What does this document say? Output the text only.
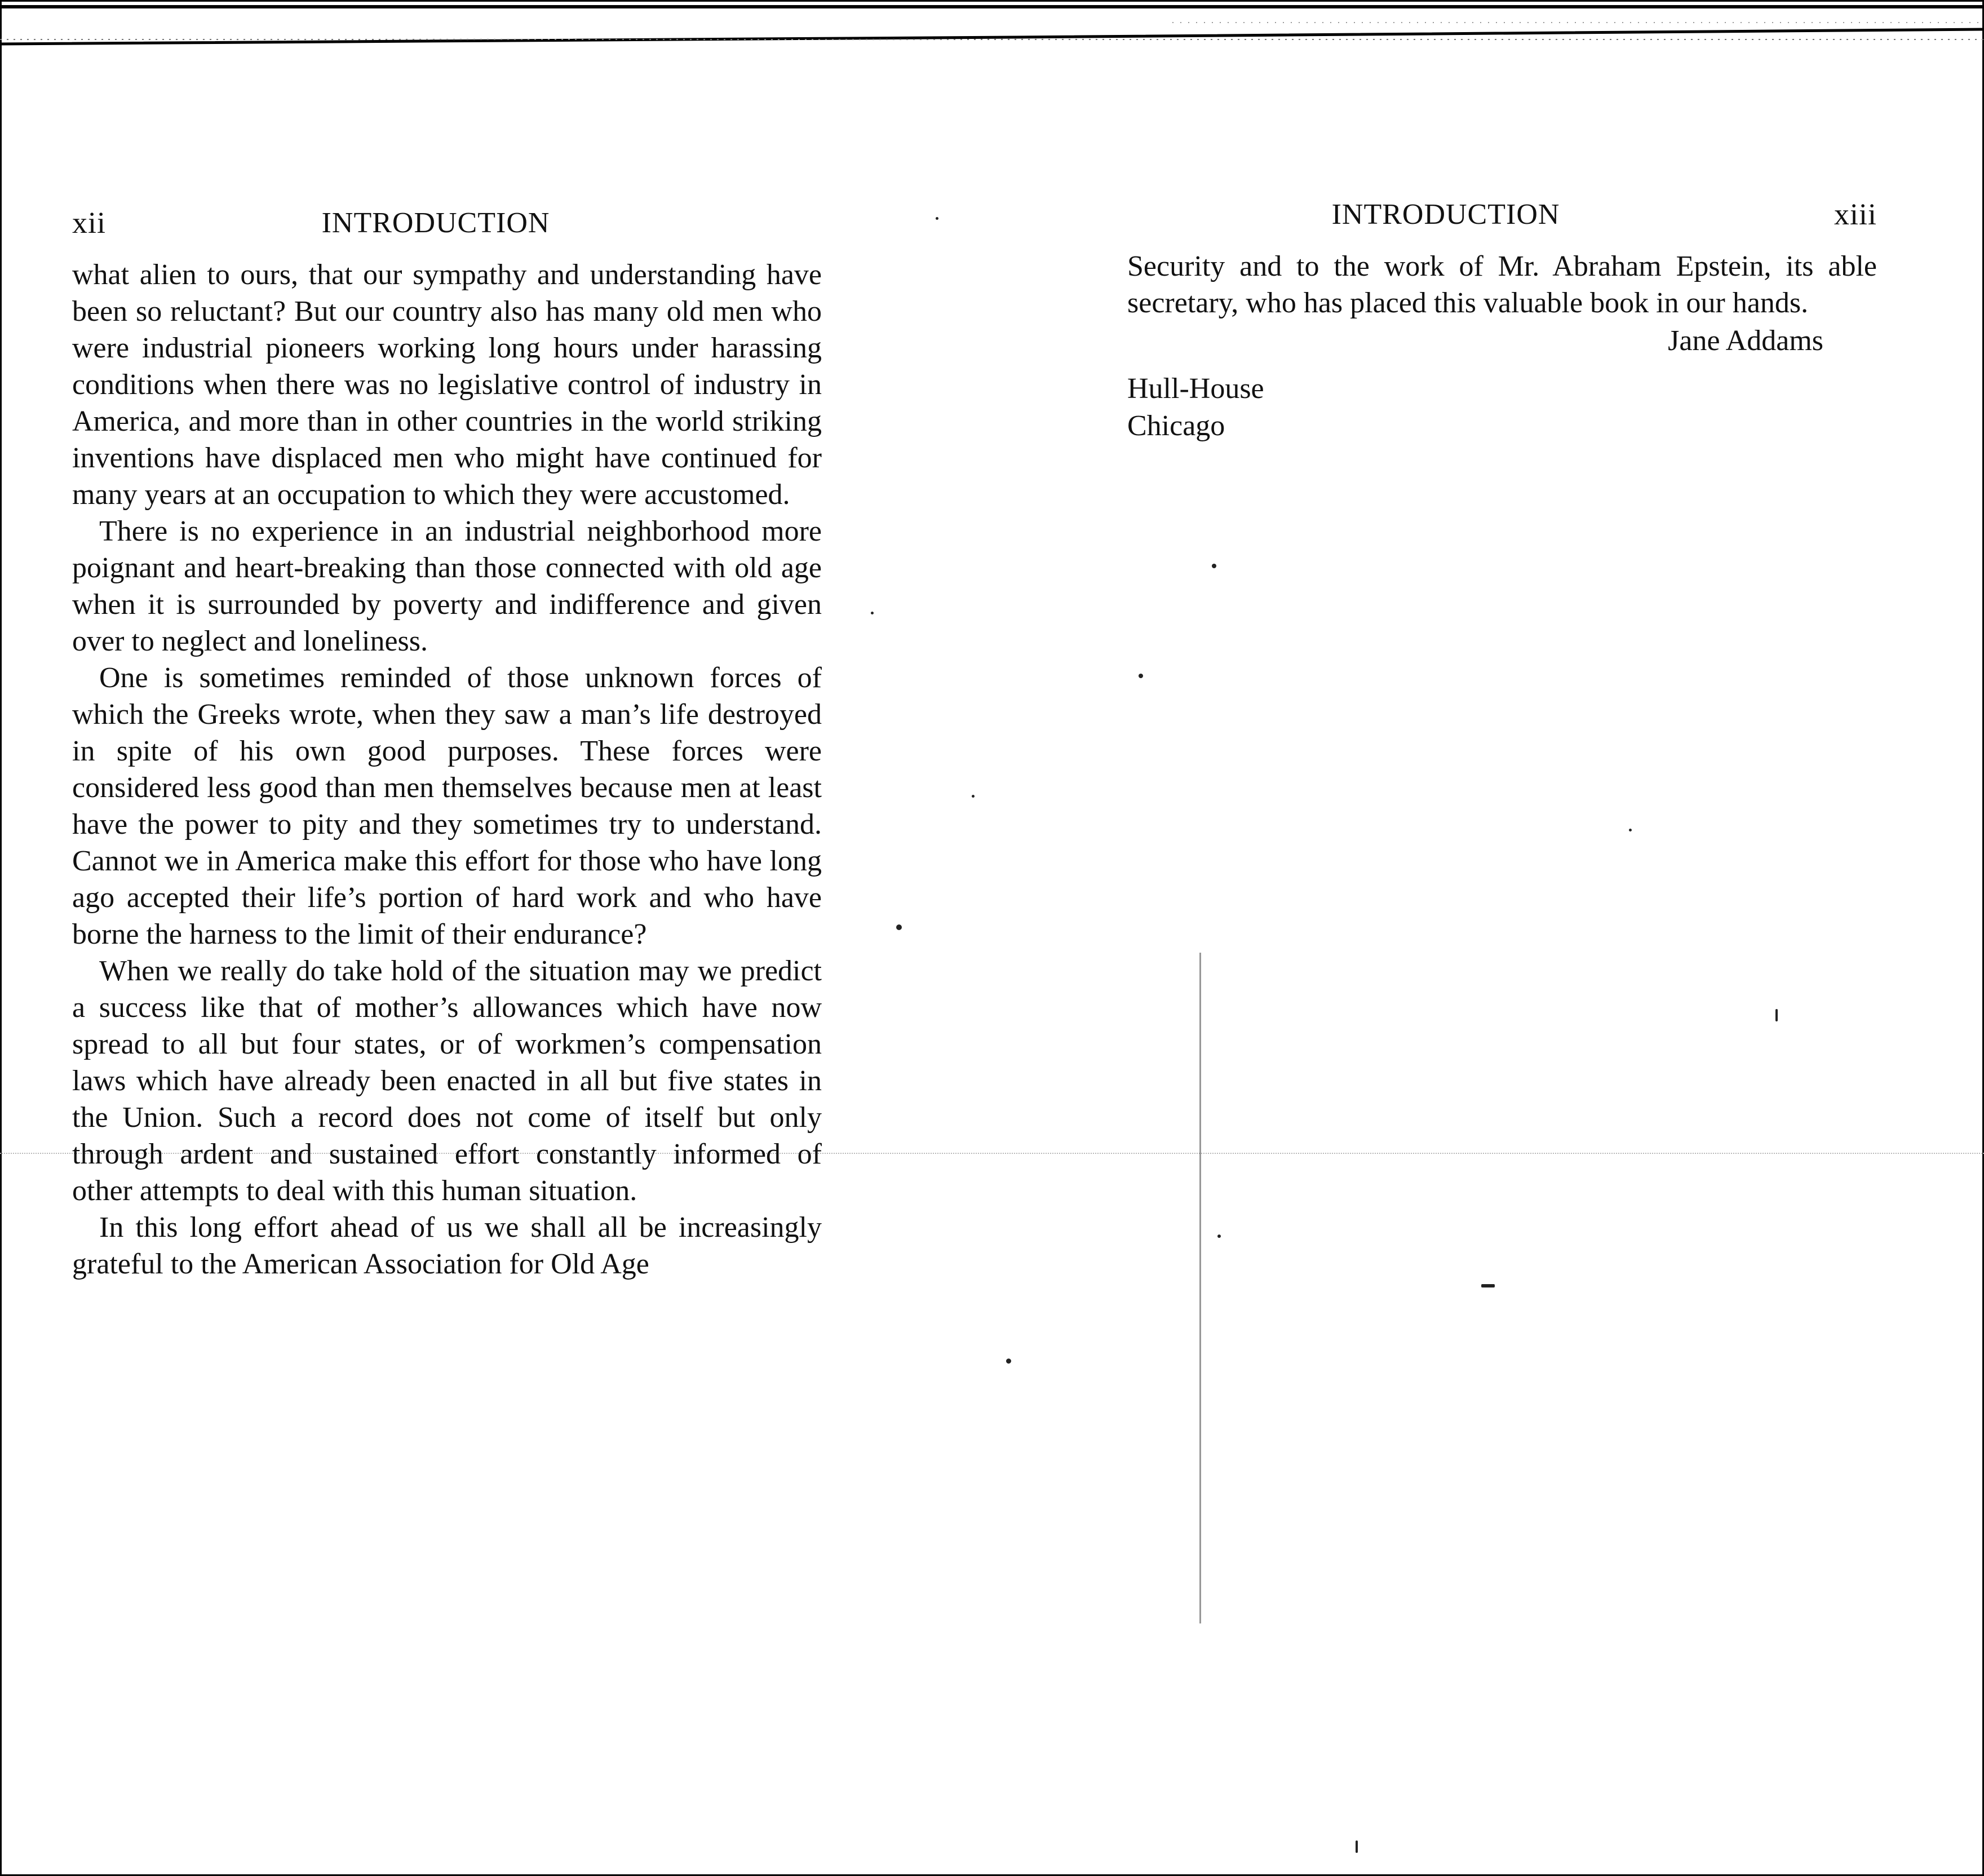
xii	INTRODUCTION

what alien to ours, that our sympathy and understanding have been so reluctant? But our country also has many old men who were industrial pioneers working long hours under harassing conditions when there was no legislative control of industry in America, and more than in other countries in the world striking inventions have displaced men who might have continued for many years at an occupation to which they were accustomed.

There is no experience in an industrial neighborhood more poignant and heart-breaking than those connected with old age when it is surrounded by poverty and indifference and given over to neglect and loneliness.

One is sometimes reminded of those unknown forces of which the Greeks wrote, when they saw a man’s life destroyed in spite of his own good purposes. These forces were considered less good than men themselves because men at least have the power to pity and they sometimes try to understand. Cannot we in America make this effort for those who have long ago accepted their life’s portion of hard work and who have borne the harness to the limit of their endurance?

When we really do take hold of the situation may we predict a success like that of mother’s allowances which have now spread to all but four states, or of workmen’s compensation laws which have already been enacted in all but five states in the Union. Such a record does not come of itself but only through ardent and sustained effort constantly informed of other attempts to deal with this human situation.

In this long effort ahead of us we shall all be increasingly grateful to the American Association for Old Age

INTRODUCTION	xiii

Security and to the work of Mr. Abraham Epstein, its able secretary, who has placed this valuable book in our hands.

Jane Addams
Hull-House
Chicago
